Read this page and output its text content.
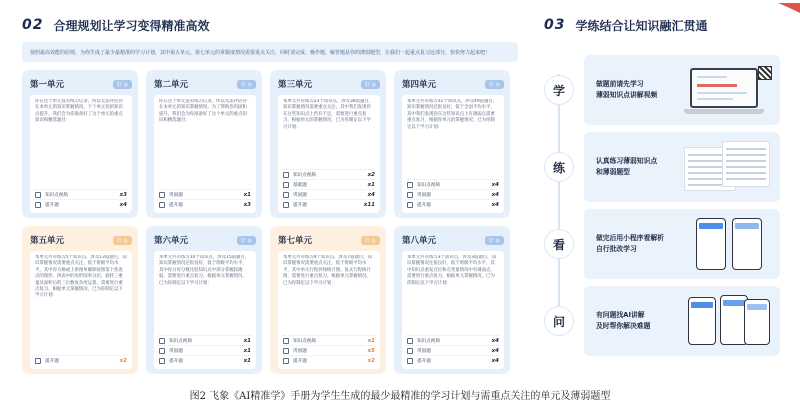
02 合理规划让学习变得精准高效
按照最高效能的原则，为你生成了最少最精准的学习计划，其中第五单元、第七单元的掌握度情况需要重点关注，同时请完成、操作题、解答题是你的薄弱题型，让我们一起重点复习这部分，快快努力起来吧！
第一单元	好 ◎
你在这个单元没有练习记录，所以无法评估你在本单元的知识掌握情况。下个单元你的知识点提升，我们会为你准备好了这个单元的重点知识和精选题目：
知识点视频	x3
提升题	x4
第二单元	好 ◎
你在这个单元没有练习记录，所以无法评估你在本单元的知识掌握情况。为了帮助你巩固和提升，我们会为你准备好了这个单元的重点知识和精选题目：
巩固题	x1
提升题	x3
第三单元	好 ◎
本单元共有练习23个知识点，涉及38道题目，知识掌握情况需要重点关注，其中我们发现你在这些知识点上仍有不足，需要进行重点复习。根据单元的掌握情况，已为你制定以下学习计划：
知识点视频	x2
基础题	x1
巩固题	x4
提升题	x11
第四单元	好 ◎
本单元共有练习31个知识点，涉及49道题目，知识掌握情况还很良好，低于全国平均水平，其中我们发现你在这些知识点上有薄弱点需要重点复习，根据你单元的掌握情况，已为你制定以下学习计划：
知识点视频	x4
巩固题	x4
提升题	x4
第五单元	好 ◎
本单元共有练习5个知识点，涉及13道题目，知识掌握情况需要重点关注，低于班级平均水平。其中你方格或上新图单解除按照第个焦查点的图形、拼表中的角形圆率分层，旋转三重量及面积后的三位数复杂度运算，需要进行重点复习。根据单元掌握情况，已为你制定以下学习计划：
提升题	x2
第六单元	好 ◎
本单元共有练习10个知识点，涉及15道题目，知识掌握情况还很良好，低于班级平均水平，其中你分母分数比较知识点中部分掌握较薄弱，需要进行重点复习。根据单元掌握情况，已为你制定以下学习计划：
知识点视频	x1
巩固题	x1
提升题	x1
第七单元	好 ◎
本单元共有练习4个知识点，涉及7道题目，知识掌握情况需要重点关注，低于班级平均水平，其中单元行程折线统计图、复式行程统计图，需要进行重点复习。根据单元掌握情况，已为你制定以下学习计划：
知识点视频	x1
巩固题	x5
提升题	x2
第八单元	好 ◎
本单元共有练习3个知识点，涉及3道题目，知识掌握情况还很良好，低于班级平均水平，其中知识点重复点位和点变量情况中有薄弱点，需要进行重点复习，根据单元掌握情况，已为你制定以下学习计划：
知识点视频	x4
巩固题	x4
提升题	x4
03 学练结合让知识融汇贯通
学	做题前请先学习
薄弱知识点讲解视频
练	认真练习薄弱知识点
和薄弱题型
看	做完后用小程序看解析
自行批改学习
问	有问题找AI讲解
及时帮你解决难题
图2 飞象《AI精准学》手册为学生生成的最少最精准的学习计划与需重点关注的单元及薄弱题型
